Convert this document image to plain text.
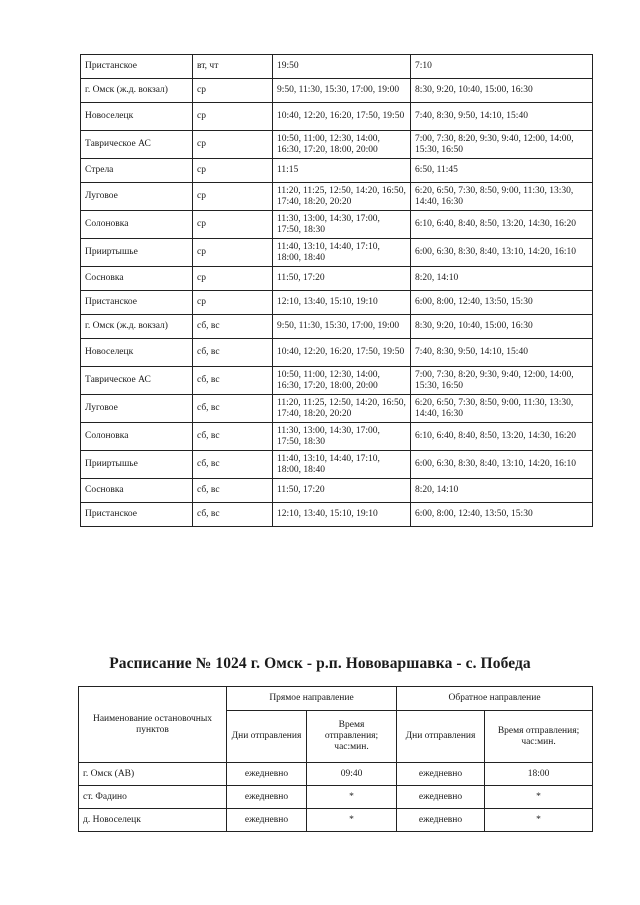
Пристанское	вт, чт	19:50	7:10
г. Омск (ж.д. вокзал)	ср	9:50, 11:30, 15:30, 17:00, 19:00	8:30, 9:20, 10:40, 15:00, 16:30
Новоселецк	ср	10:40, 12:20, 16:20, 17:50, 19:50	7:40, 8:30, 9:50, 14:10, 15:40
Таврическое АС	ср	10:50, 11:00, 12:30, 14:00, 16:30, 17:20, 18:00, 20:00	7:00, 7:30, 8:20, 9:30, 9:40, 12:00, 14:00, 15:30, 16:50
Стрела	ср	11:15	6:50, 11:45
Луговое	ср	11:20, 11:25, 12:50, 14:20, 16:50, 17:40, 18:20, 20:20	6:20, 6:50, 7:30, 8:50, 9:00, 11:30, 13:30, 14:40, 16:30
Солоновка	ср	11:30, 13:00, 14:30, 17:00, 17:50, 18:30	6:10, 6:40, 8:40, 8:50, 13:20, 14:30, 16:20
Прииртышье	ср	11:40, 13:10, 14:40, 17:10, 18:00, 18:40	6:00, 6:30, 8:30, 8:40, 13:10, 14:20, 16:10
Сосновка	ср	11:50, 17:20	8:20, 14:10
Пристанское	ср	12:10, 13:40, 15:10, 19:10	6:00, 8:00, 12:40, 13:50, 15:30
г. Омск (ж.д. вокзал)	сб, вс	9:50, 11:30, 15:30, 17:00, 19:00	8:30, 9:20, 10:40, 15:00, 16:30
Новоселецк	сб, вс	10:40, 12:20, 16:20, 17:50, 19:50	7:40, 8:30, 9:50, 14:10, 15:40
Таврическое АС	сб, вс	10:50, 11:00, 12:30, 14:00, 16:30, 17:20, 18:00, 20:00	7:00, 7:30, 8:20, 9:30, 9:40, 12:00, 14:00, 15:30, 16:50
Луговое	сб, вс	11:20, 11:25, 12:50, 14:20, 16:50, 17:40, 18:20, 20:20	6:20, 6:50, 7:30, 8:50, 9:00, 11:30, 13:30, 14:40, 16:30
Солоновка	сб, вс	11:30, 13:00, 14:30, 17:00, 17:50, 18:30	6:10, 6:40, 8:40, 8:50, 13:20, 14:30, 16:20
Прииртышье	сб, вс	11:40, 13:10, 14:40, 17:10, 18:00, 18:40	6:00, 6:30, 8:30, 8:40, 13:10, 14:20, 16:10
Сосновка	сб, вс	11:50, 17:20	8:20, 14:10
Пристанское	сб, вс	12:10, 13:40, 15:10, 19:10	6:00, 8:00, 12:40, 13:50, 15:30
Расписание № 1024 г. Омск - р.п. Нововаршавка - с. Победа
Наименование остановочных пунктов	Прямое направление		Обратное направление	
	Дни отправления	Время отправления; час:мин.	Дни отправления	Время отправления; час:мин.
г. Омск (АВ)	ежедневно	09:40	ежедневно	18:00
ст. Фадино	ежедневно	*	ежедневно	*
д. Новоселецк	ежедневно	*	ежедневно	*
